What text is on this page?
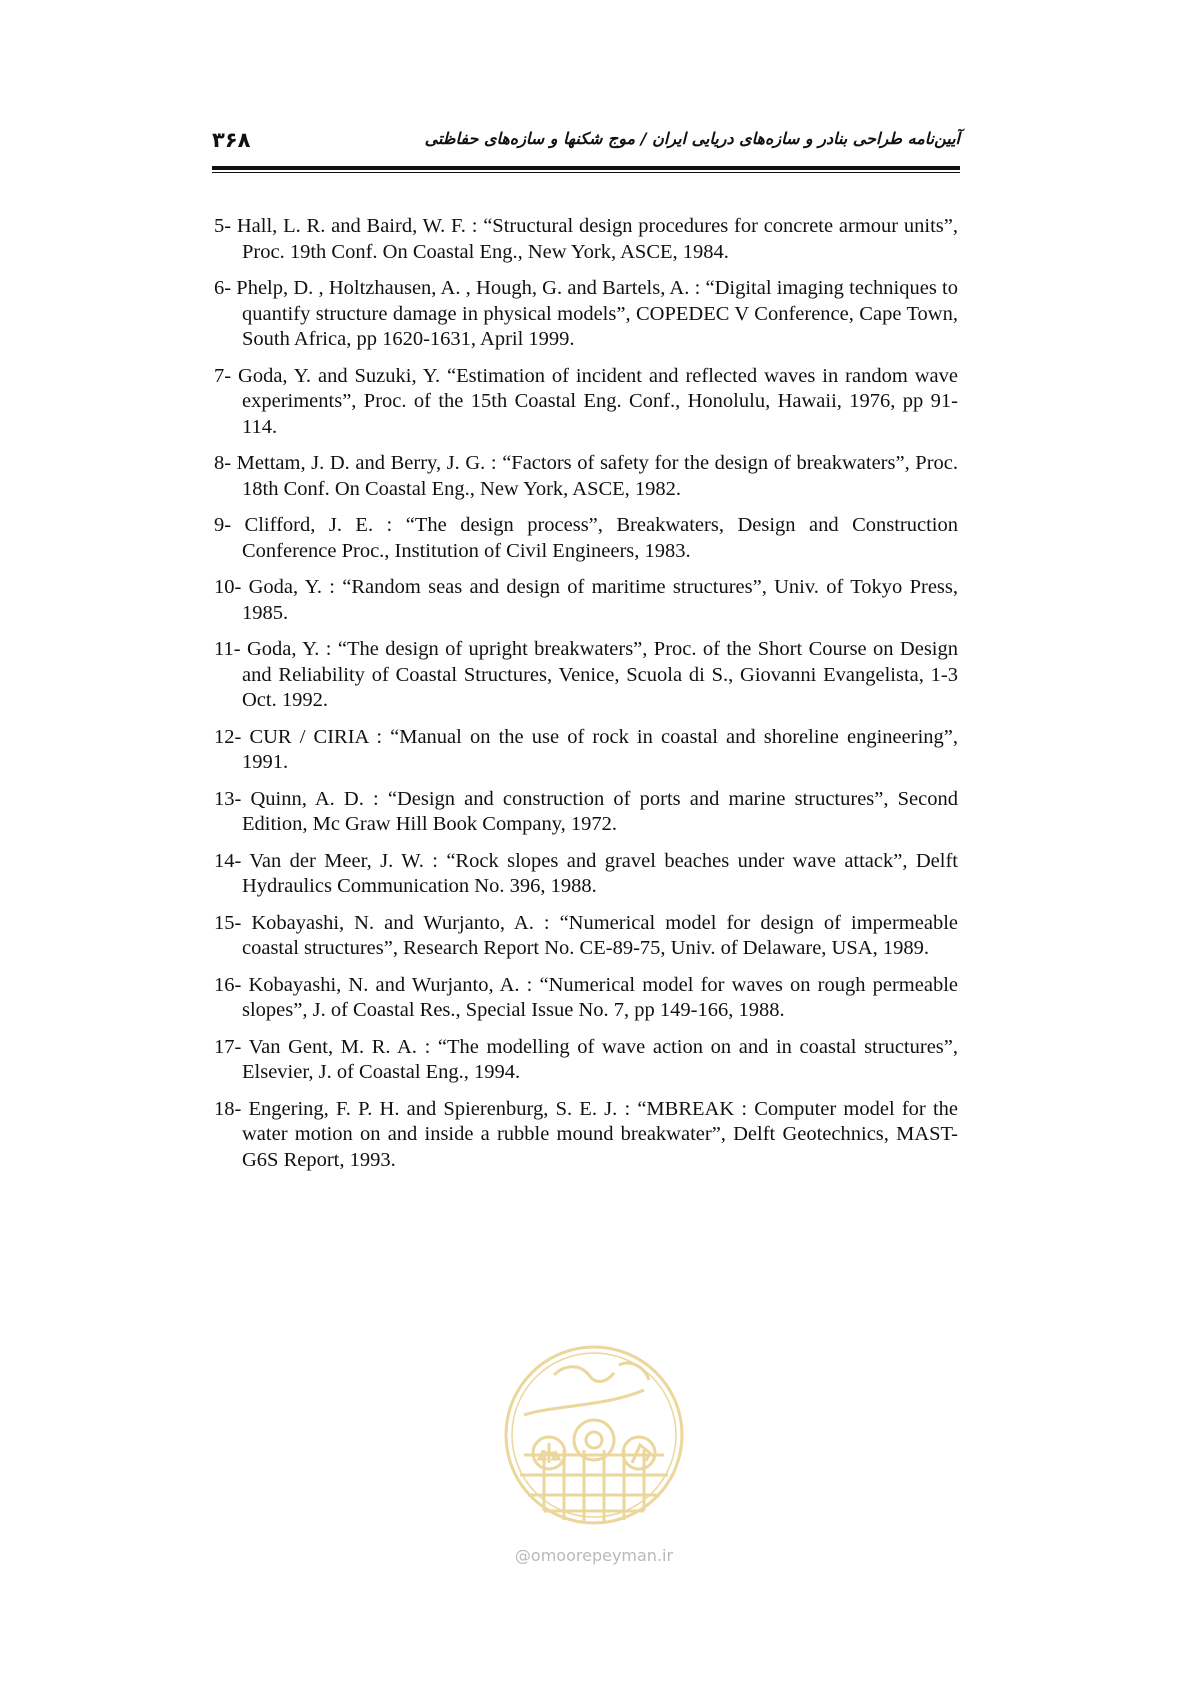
۳۶۸	آیین‌نامه طراحی بنادر و سازه‌های دریایی ایران / موج شکنها و سازه‌های حفاظتی
5- Hall, L. R. and Baird, W. F. : “Structural design procedures for concrete armour units”, Proc. 19th Conf. On Coastal Eng., New York, ASCE, 1984.
6- Phelp, D. , Holtzhausen, A. , Hough, G. and Bartels, A. : “Digital imaging techniques to quantify structure damage in physical models”, COPEDEC V Conference, Cape Town, South Africa, pp 1620-1631, April 1999.
7- Goda, Y. and Suzuki, Y. “Estimation of incident and reflected waves in random wave experiments”, Proc. of the 15th Coastal Eng. Conf., Honolulu, Hawaii, 1976, pp 91-114.
8- Mettam, J. D. and Berry, J. G. : “Factors of safety for the design of breakwaters”, Proc. 18th Conf. On Coastal Eng., New York, ASCE, 1982.
9- Clifford, J. E. : “The design process”, Breakwaters, Design and Construction Conference Proc., Institution of Civil Engineers, 1983.
10- Goda, Y. : “Random seas and design of maritime structures”, Univ. of Tokyo Press, 1985.
11- Goda, Y. : “The design of upright breakwaters”, Proc. of the Short Course on Design and Reliability of Coastal Structures, Venice, Scuola di S., Giovanni Evangelista, 1-3 Oct. 1992.
12- CUR / CIRIA : “Manual on the use of rock in coastal and shoreline engineering”, 1991.
13- Quinn, A. D. : “Design and construction of ports and marine structures”, Second Edition, Mc Graw Hill Book Company, 1972.
14- Van der Meer, J. W. : “Rock slopes and gravel beaches under wave attack”, Delft Hydraulics Communication No. 396, 1988.
15- Kobayashi, N. and Wurjanto, A. : “Numerical model for design of impermeable coastal structures”, Research Report No. CE-89-75, Univ. of Delaware, USA, 1989.
16- Kobayashi, N. and Wurjanto, A. : “Numerical model for waves on rough permeable slopes”, J. of Coastal Res., Special Issue No. 7, pp 149-166, 1988.
17- Van Gent, M. R. A. : “The modelling of wave action on and in coastal structures”, Elsevier, J. of Coastal Eng., 1994.
18- Engering, F. P. H. and Spierenburg, S. E. J. : “MBREAK : Computer model for the water motion on and inside a rubble mound breakwater”, Delft Geotechnics, MAST-G6S Report, 1993.
@omoorepeyman.ir
